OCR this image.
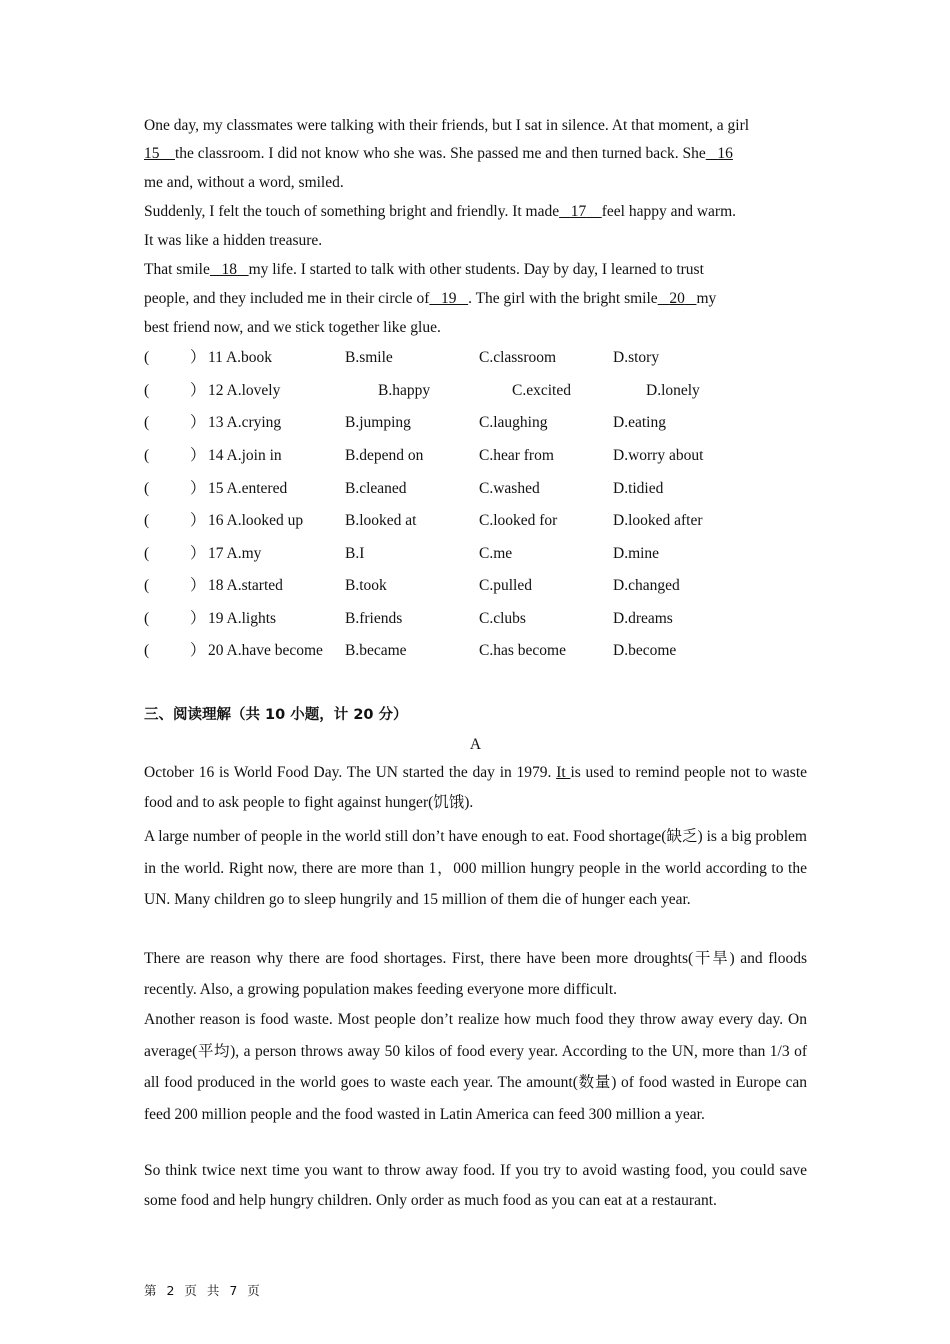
One day, my classmates were talking with their friends, but I sat in silence. At that moment, a girl
15 the classroom. I did not know who she was. She passed me and then turned back. She 16
me and, without a word, smiled.
Suddenly, I felt the touch of something bright and friendly. It made 17 feel happy and warm.
It was like a hidden treasure.
That smile 18 my life. I started to talk with other students. Day by day, I learned to trust
people, and they included me in their circle of 19 . The girl with the bright smile 20 my
best friend now, and we stick together like glue.
(	） 11 A.book	B.smile	C.classroom	D.story
(	） 12 A.lovely	B.happy	C.excited	D.lonely
(	） 13 A.crying	B.jumping	C.laughing	D.eating
(	） 14 A.join in	B.depend on	C.hear from	D.worry about
(	） 15 A.entered	B.cleaned	C.washed	D.tidied
(	） 16 A.looked up	B.looked at	C.looked for	D.looked after
(	） 17 A.my	B.I	C.me	D.mine
(	） 18 A.started	B.took	C.pulled	D.changed
(	） 19 A.lights	B.friends	C.clubs	D.dreams
(	） 20 A.have become B.became	C.has become	D.become
三、阅读理解（共 10 小题，计 20 分）
A
October 16 is World Food Day. The UN started the day in 1979. It is used to remind people not to waste food and to ask people to fight against hunger(饥饿).
A large number of people in the world still don’t have enough to eat. Food shortage(缺乏) is a big problem in the world. Right now, there are more than 1，000 million hungry people in the world according to the UN. Many children go to sleep hungrily and 15 million of them die of hunger each year.
There are reason why there are food shortages. First, there have been more droughts(干旱) and floods recently. Also, a growing population makes feeding everyone more difficult.
Another reason is food waste. Most people don’t realize how much food they throw away every day. On average(平均), a person throws away 50 kilos of food every year. According to the UN, more than 1/3 of all food produced in the world goes to waste each year. The amount(数量) of food wasted in Europe can feed 200 million people and the food wasted in Latin America can feed 300 million a year.
So think twice next time you want to throw away food. If you try to avoid wasting food, you could save some food and help hungry children. Only order as much food as you can eat at a restaurant.
第 2 页 共 7 页
